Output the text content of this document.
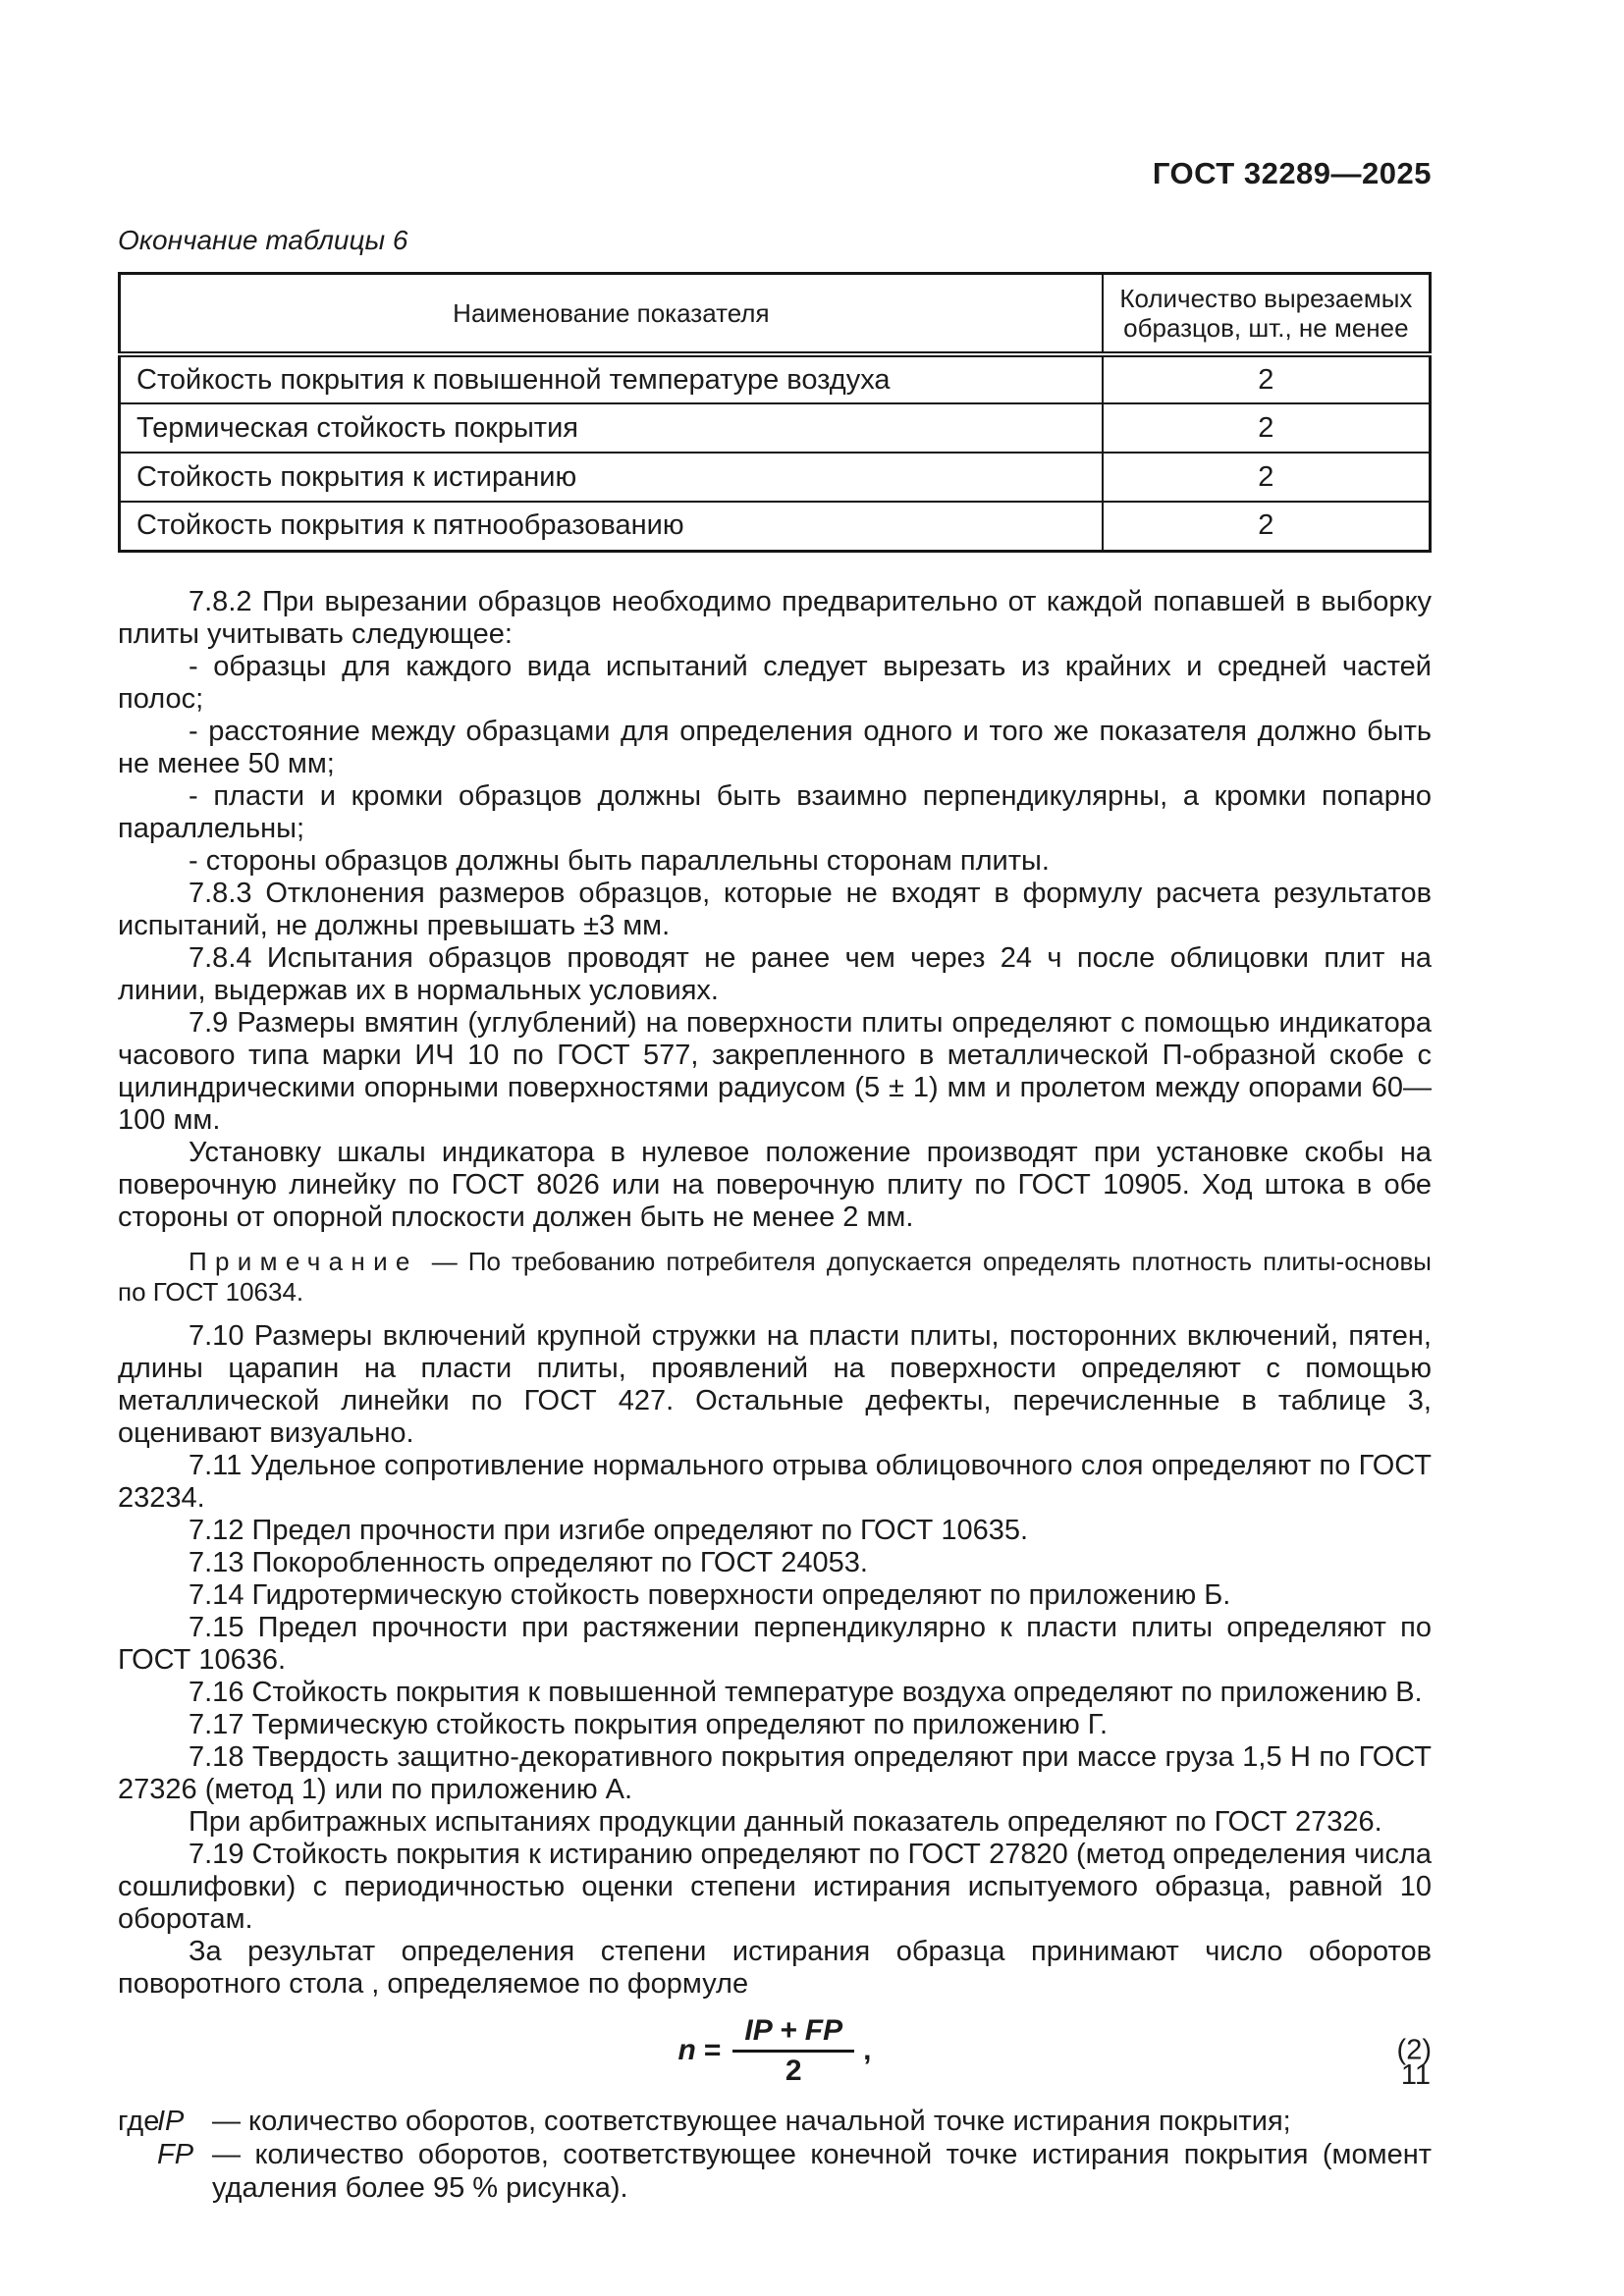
ГОСТ 32289—2025
Окончание таблицы 6
Наименование показателя	Количество вырезаемых образцов, шт., не менее
Стойкость покрытия к повышенной температуре воздуха	2
Термическая стойкость покрытия	2
Стойкость покрытия к истиранию	2
Стойкость покрытия к пятнообразованию	2

7.8.2 При вырезании образцов необходимо предварительно от каждой попавшей в выборку плиты учитывать следующее:

- образцы для каждого вида испытаний следует вырезать из крайних и средней частей полос;

- расстояние между образцами для определения одного и того же показателя должно быть не менее 50 мм;

- пласти и кромки образцов должны быть взаимно перпендикулярны, а кромки попарно параллельны;

- стороны образцов должны быть параллельны сторонам плиты.

7.8.3 Отклонения размеров образцов, которые не входят в формулу расчета результатов испытаний, не должны превышать ±3 мм.

7.8.4 Испытания образцов проводят не ранее чем через 24 ч после облицовки плит на линии, выдержав их в нормальных условиях.

7.9 Размеры вмятин (углублений) на поверхности плиты определяют с помощью индикатора часового типа марки ИЧ 10 по ГОСТ 577, закрепленного в металлической П-образной скобе с цилиндрическими опорными поверхностями радиусом (5 ± 1) мм и пролетом между опорами 60—100 мм.

Установку шкалы индикатора в нулевое положение производят при установке скобы на поверочную линейку по ГОСТ 8026 или на поверочную плиту по ГОСТ 10905. Ход штока в обе стороны от опорной плоскости должен быть не менее 2 мм.

Примечание — По требованию потребителя допускается определять плотность плиты-основы по ГОСТ 10634.

7.10 Размеры включений крупной стружки на пласти плиты, посторонних включений, пятен, длины царапин на пласти плиты, проявлений на поверхности определяют с помощью металлической линейки по ГОСТ 427. Остальные дефекты, перечисленные в таблице 3, оценивают визуально.

7.11 Удельное сопротивление нормального отрыва облицовочного слоя определяют по ГОСТ 23234.

7.12 Предел прочности при изгибе определяют по ГОСТ 10635.

7.13 Покоробленность определяют по ГОСТ 24053.

7.14 Гидротермическую стойкость поверхности определяют по приложению Б.

7.15 Предел прочности при растяжении перпендикулярно к пласти плиты определяют по ГОСТ 10636.

7.16 Стойкость покрытия к повышенной температуре воздуха определяют по приложению В.

7.17 Термическую стойкость покрытия определяют по приложению Г.

7.18 Твердость защитно-декоративного покрытия определяют при массе груза 1,5 Н по ГОСТ 27326 (метод 1) или по приложению А.

При арбитражных испытаниях продукции данный показатель определяют по ГОСТ 27326.

7.19 Стойкость покрытия к истиранию определяют по ГОСТ 27820 (метод определения числа сошлифовки) с периодичностью оценки степени истирания испытуемого образца, равной 10 оборотам.

За результат определения степени истирания образца принимают число оборотов поворотного стола , определяемое по формуле

$n = \frac{IP + FP}{2}$ ,	(2)
гдеIP — количество оборотов, соответствующее начальной точке истирания покрытия;
FP — количество оборотов, соответствующее конечной точке истирания покрытия (момент удаления более 95 % рисунка).
11
